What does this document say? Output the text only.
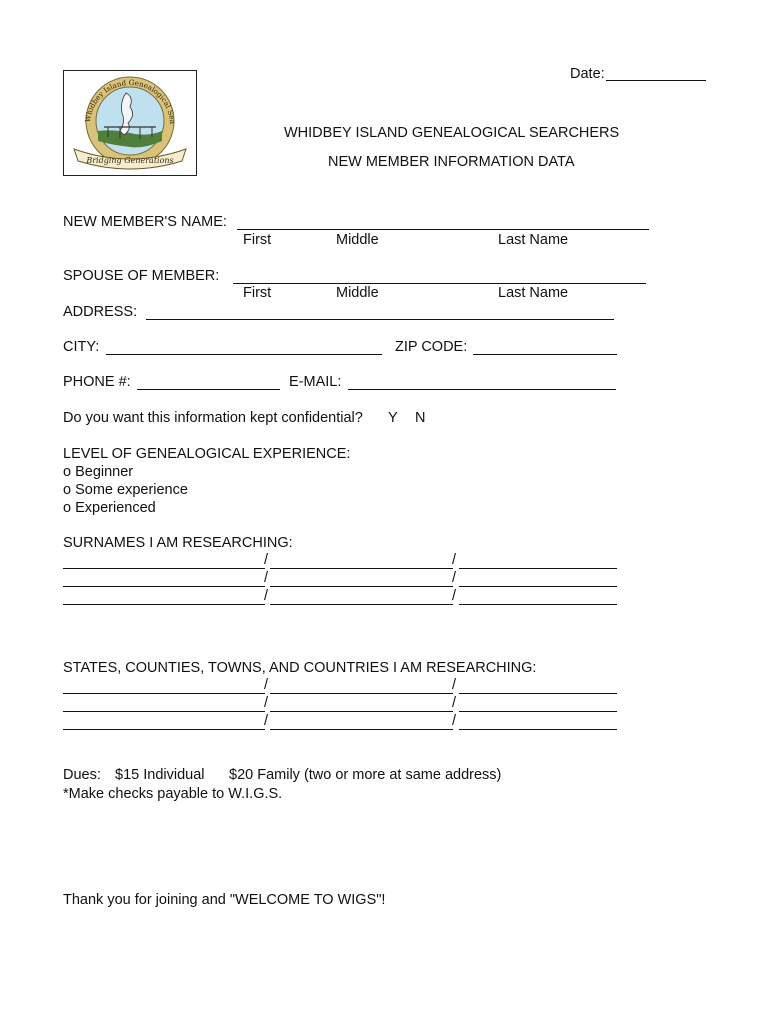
Date:
Whidbey Island Genealogical Sea
Bridging Generations
WHIDBEY ISLAND GENEALOGICAL SEARCHERS
NEW MEMBER INFORMATION DATA
NEW MEMBER'S NAME:
First	Middle	Last Name
SPOUSE OF MEMBER:
First	Middle	Last Name
ADDRESS:
CITY:	ZIP CODE:
PHONE #:	E-MAIL:
Do you want this information kept confidential? Y N
LEVEL OF GENEALOGICAL EXPERIENCE:
o Beginner
o Some experience
o Experienced
SURNAMES I AM RESEARCHING:
/	/
/	/
/	/
STATES, COUNTIES, TOWNS, AND COUNTRIES I AM RESEARCHING:
/	/
/	/
/	/
Dues: $15 Individual $20 Family (two or more at same address)
*Make checks payable to W.I.G.S.
Thank you for joining and "WELCOME TO WIGS"!
